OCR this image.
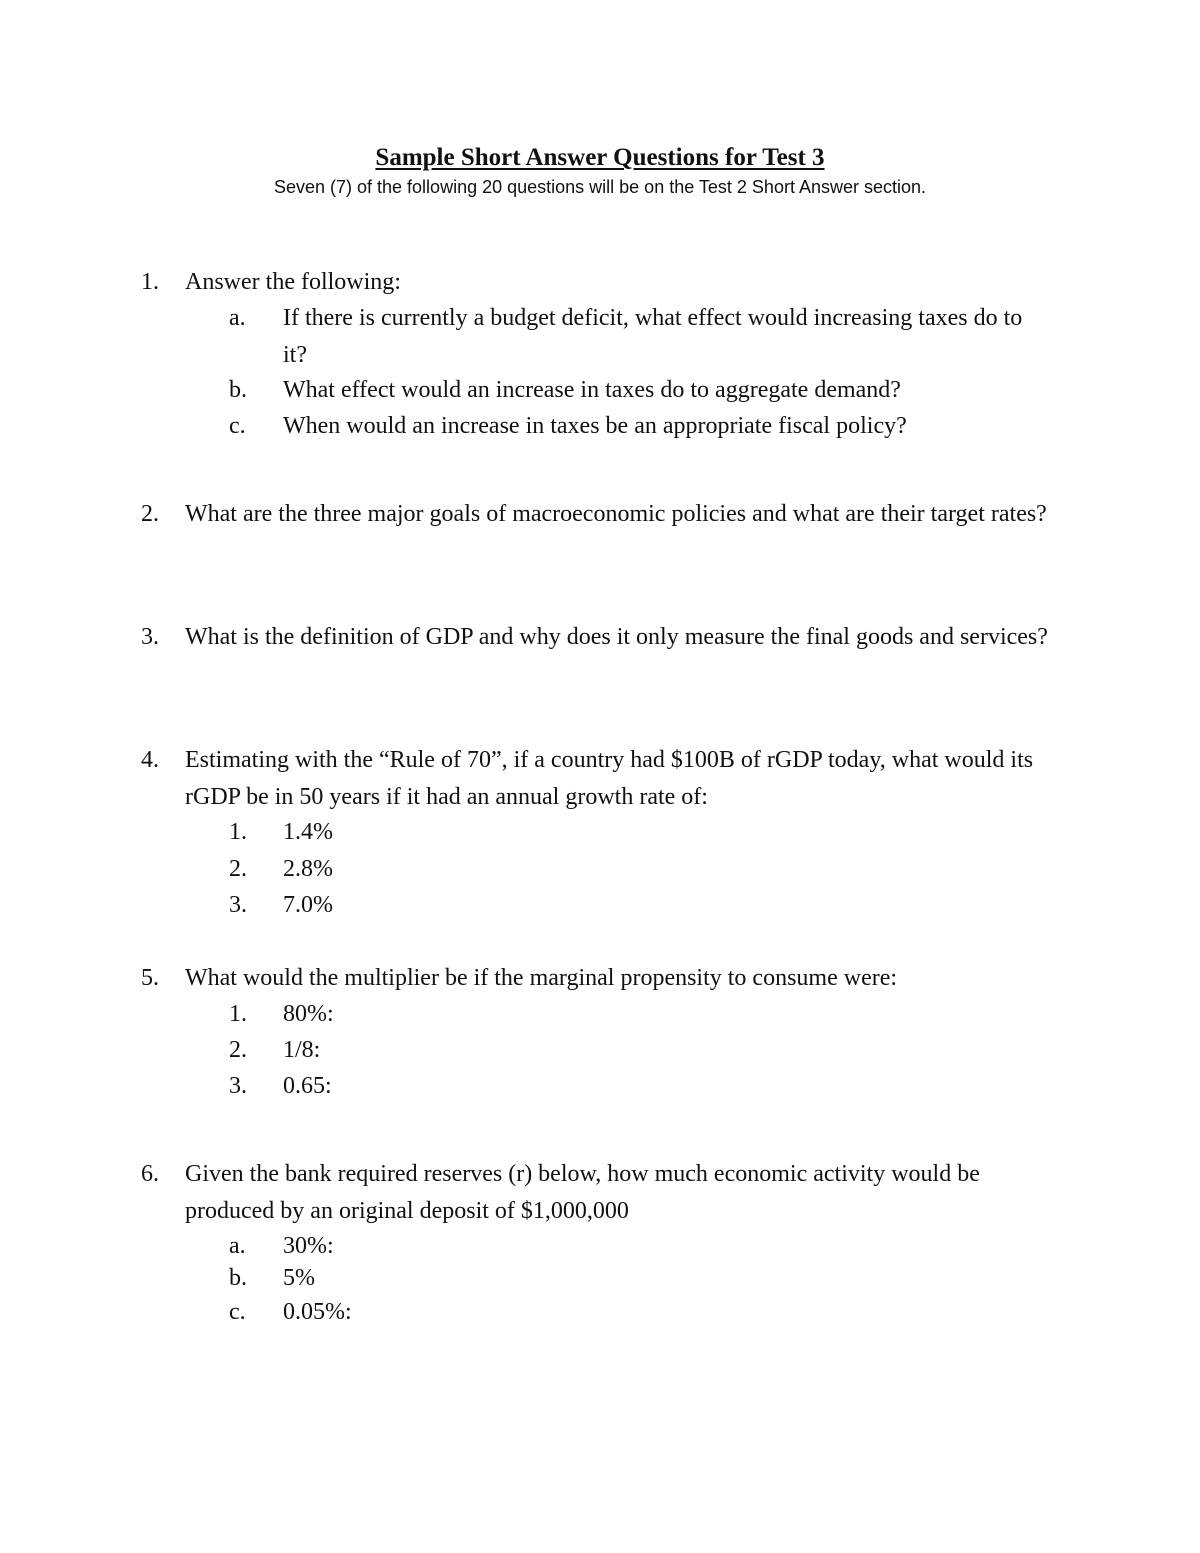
Sample Short Answer Questions for Test 3
Seven (7) of the following 20 questions will be on the Test 2 Short Answer section.
1.	Answer the following:
a.	If there is currently a budget deficit, what effect would increasing taxes do to it?
b.	What effect would an increase in taxes do to aggregate demand?
c.	When would an increase in taxes be an appropriate fiscal policy?
2.	What are the three major goals of macroeconomic policies and what are their target rates?
3.	What is the definition of GDP and why does it only measure the final goods and services?
4.	Estimating with the “Rule of 70”, if a country had $100B of rGDP today, what would its rGDP be in 50 years if it had an annual growth rate of:
1.	1.4%
2.	2.8%
3.	7.0%
5.	What would the multiplier be if the marginal propensity to consume were:
1.	80%:
2.	1/8:
3.	0.65:
6.	Given the bank required reserves (r) below, how much economic activity would be produced by an original deposit of $1,000,000
a.	30%:
b.	5%
c.	0.05%:
